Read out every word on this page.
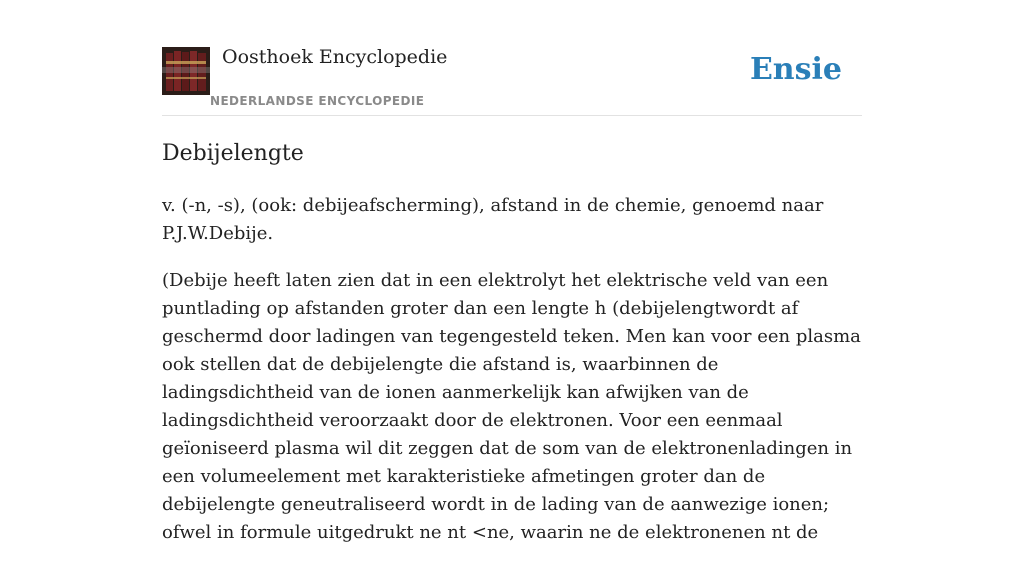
Oosthoek Encyclopedie
NEDERLANDSE ENCYCLOPEDIE
Ensie
Debijelengte

v. (-n, -s), (ook: debijeafscherming), afstand in de chemie, genoemd naar P.J.W.Debije.

(Debije heeft laten zien dat in een elektrolyt het elektrische veld van een puntlading op afstanden groter dan een lengte h (debijelengtwordt af geschermd door ladingen van tegengesteld teken. Men kan voor een plasma ook stellen dat de debijelengte die afstand is, waarbinnen de ladingsdichtheid van de ionen aanmerkelijk kan afwijken van de ladingsdichtheid veroorzaakt door de elektronen. Voor een eenmaal geïoniseerd plasma wil dit zeggen dat de som van de elektronenladingen in een volumeelement met karakteristieke afmetingen groter dan de debijelengte geneutraliseerd wordt in de lading van de aanwezige ionen; ofwel in formule uitgedrukt ne nt <ne, waarin ne de elektronenen nt de
